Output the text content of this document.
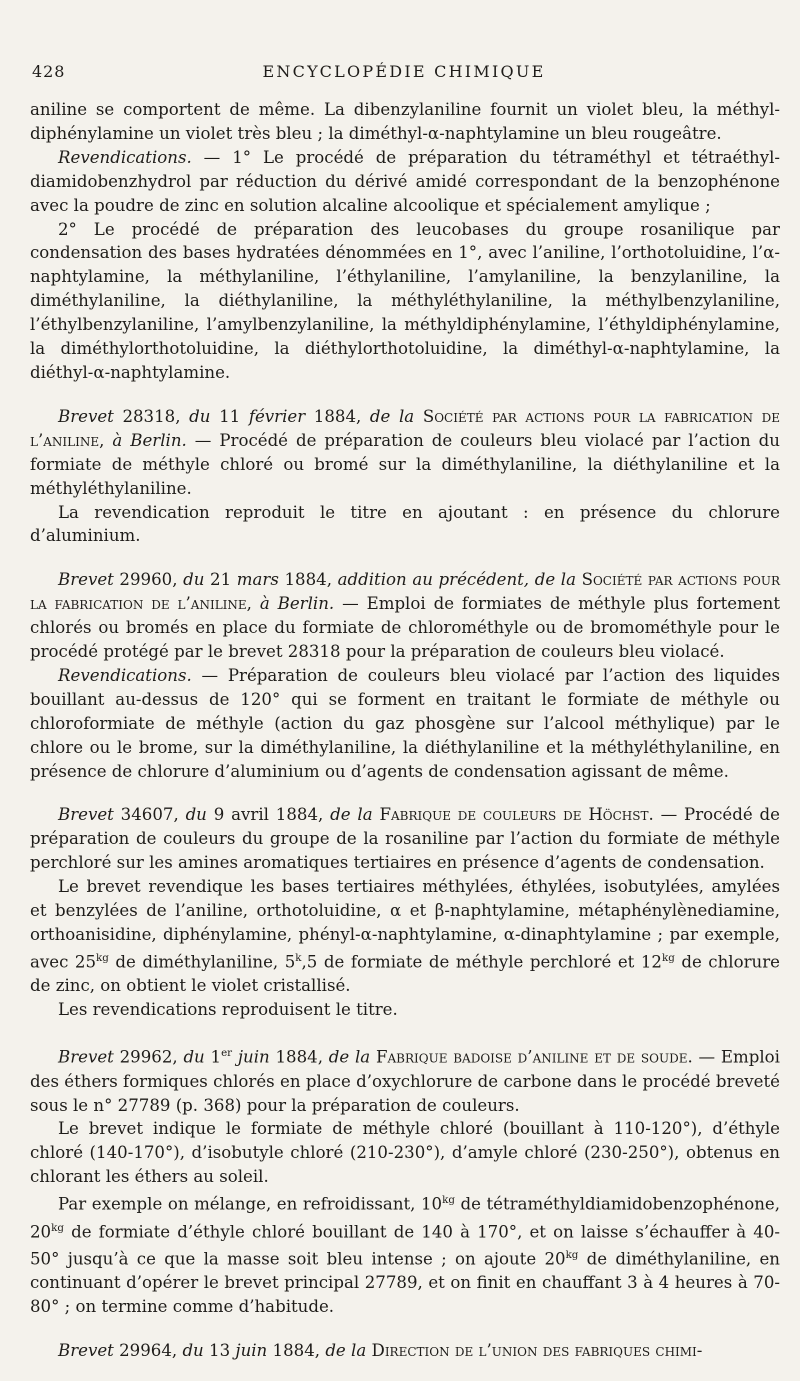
428	ENCYCLOPÉDIE CHIMIQUE

aniline se comportent de même. La dibenzylaniline fournit un violet bleu, la méthyl-diphénylamine un violet très bleu ; la diméthyl-α-naphtylamine un bleu rougeâtre.

Revendications. — 1° Le procédé de préparation du tétraméthyl et tétraéthyl-diamidobenzhydrol par réduction du dérivé amidé correspondant de la benzophénone avec la poudre de zinc en solution alcaline alcoolique et spécialement amylique ;

2° Le procédé de préparation des leucobases du groupe rosanilique par condensation des bases hydratées dénommées en 1°, avec l’aniline, l’orthotoluidine, l’α-naphtylamine, la méthylaniline, l’éthylaniline, l’amylaniline, la benzylaniline, la diméthylaniline, la diéthylaniline, la méthyléthylaniline, la méthylbenzylaniline, l’éthylbenzylaniline, l’amylbenzylaniline, la méthyldiphénylamine, l’éthyldiphénylamine, la diméthylorthotoluidine, la diéthylorthotoluidine, la diméthyl-α-naphtylamine, la diéthyl-α-naphtylamine.

Brevet 28318, du 11 février 1884, de la Société par actions pour la fabrication de l’aniline, à Berlin. — Procédé de préparation de couleurs bleu violacé par l’action du formiate de méthyle chloré ou bromé sur la diméthylaniline, la diéthylaniline et la méthyléthylaniline.

La revendication reproduit le titre en ajoutant : en présence du chlorure d’aluminium.

Brevet 29960, du 21 mars 1884, addition au précédent, de la Société par actions pour la fabrication de l’aniline, à Berlin. — Emploi de formiates de méthyle plus fortement chlorés ou bromés en place du formiate de chlorométhyle ou de bromométhyle pour le procédé protégé par le brevet 28318 pour la préparation de couleurs bleu violacé.

Revendications. — Préparation de couleurs bleu violacé par l’action des liquides bouillant au-dessus de 120° qui se forment en traitant le formiate de méthyle ou chloroformiate de méthyle (action du gaz phosgène sur l’alcool méthylique) par le chlore ou le brome, sur la diméthylaniline, la diéthylaniline et la méthyléthylaniline, en présence de chlorure d’aluminium ou d’agents de condensation agissant de même.

Brevet 34607, du 9 avril 1884, de la Fabrique de couleurs de Höchst. — Procédé de préparation de couleurs du groupe de la rosaniline par l’action du formiate de méthyle perchloré sur les amines aromatiques tertiaires en présence d’agents de condensation.

Le brevet revendique les bases tertiaires méthylées, éthylées, isobutylées, amylées et benzylées de l’aniline, orthotoluidine, α et β-naphtylamine, métaphénylènediamine, orthoanisidine, diphénylamine, phényl-α-naphtylamine, α-dinaphtylamine ; par exemple, avec $25^{kg}$ de diméthylaniline, 5$^k$,5 de formiate de méthyle perchloré et $12^{kg}$ de chlorure de zinc, on obtient le violet cristallisé.

Les revendications reproduisent le titre.

Brevet 29962, du 1er juin 1884, de la Fabrique badoise d’aniline et de soude. — Emploi des éthers formiques chlorés en place d’oxychlorure de carbone dans le procédé breveté sous le n° 27789 (p. 368) pour la préparation de couleurs.

Le brevet indique le formiate de méthyle chloré (bouillant à 110-120°), d’éthyle chloré (140-170°), d’isobutyle chloré (210-230°), d’amyle chloré (230-250°), obtenus en chlorant les éthers au soleil.

Par exemple on mélange, en refroidissant, $10^{kg}$ de tétraméthyldiamidobenzophénone, $20^{kg}$ de formiate d’éthyle chloré bouillant de 140 à 170°, et on laisse s’échauffer à 40-50° jusqu’à ce que la masse soit bleu intense ; on ajoute $20^{kg}$ de diméthylaniline, en continuant d’opérer le brevet principal 27789, et on finit en chauffant 3 à 4 heures à 70-80° ; on termine comme d’habitude.

Brevet 29964, du 13 juin 1884, de la Direction de l’union des fabriques chimi-
